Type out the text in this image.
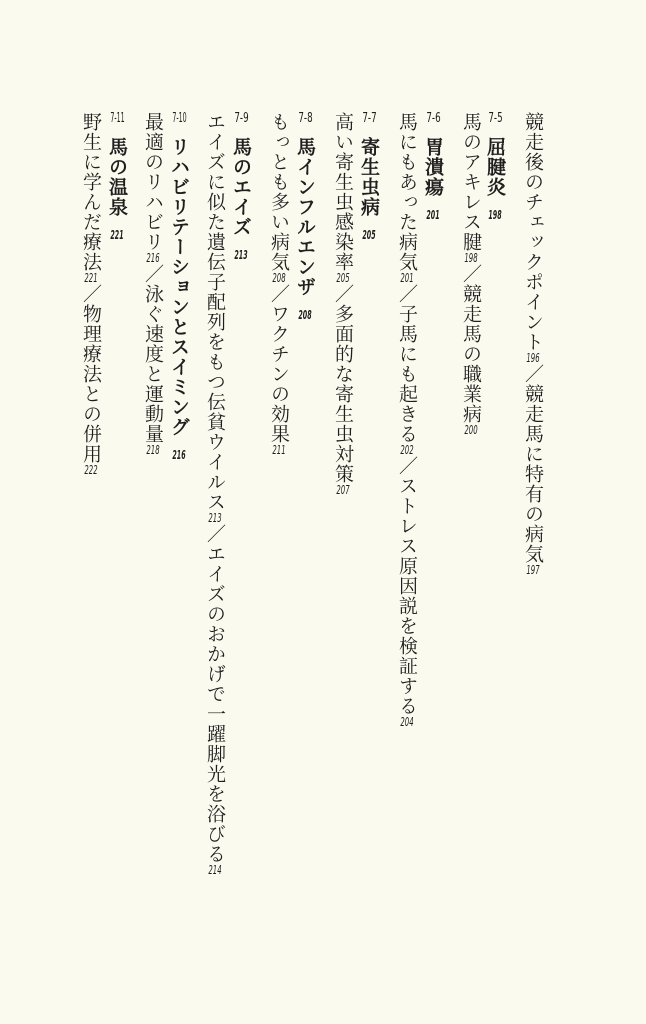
競走後のチェックポイント196／競走馬に特有の病気197
7-5屈腱炎198
馬のアキレス腱198／競走馬の職業病200
7-6胃潰瘍201
馬にもあった病気201／子馬にも起きる202／ストレス原因説を検証する204
7-7寄生虫病205
高い寄生虫感染率205／多面的な寄生虫対策207
7-8馬インフルエンザ208
もっとも多い病気208／ワクチンの効果211
7-9馬のエイズ213
エイズに似た遺伝子配列をもつ伝貧ウイルス213／エイズのおかげで一躍脚光を浴びる214
7-10リハビリテーションとスイミング216
最適のリハビリ216／泳ぐ速度と運動量218
7-11馬の温泉221
野生に学んだ療法221／物理療法との併用222
